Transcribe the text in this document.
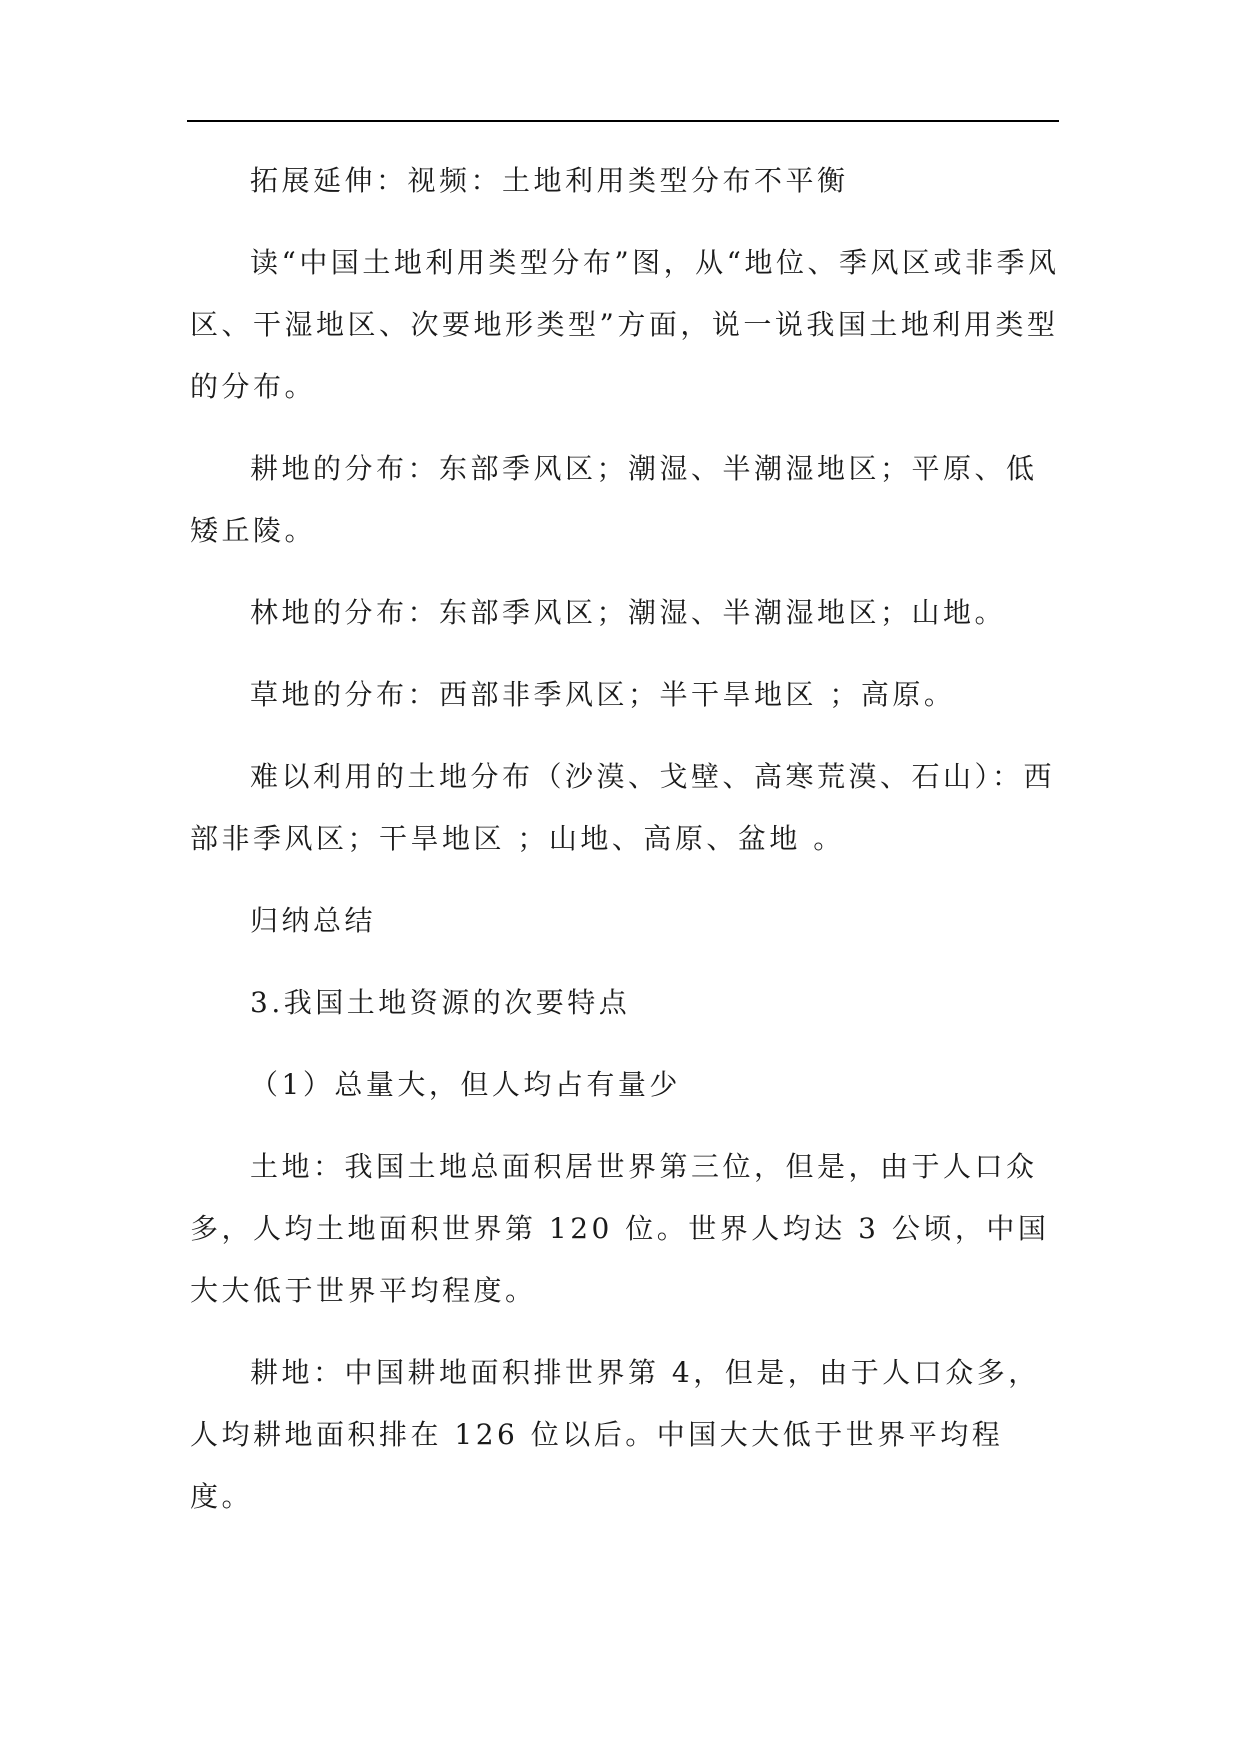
拓展延伸：视频：土地利用类型分布不平衡

读“中国土地利用类型分布”图，从“地位、季风区或非季风区、干湿地区、次要地形类型”方面，说一说我国土地利用类型的分布。

耕地的分布：东部季风区；潮湿、半潮湿地区；平原、低矮丘陵。

林地的分布：东部季风区；潮湿、半潮湿地区；山地。

草地的分布：西部非季风区；半干旱地区 ；高原。

难以利用的土地分布（沙漠、戈壁、高寒荒漠、石山）：西部非季风区；干旱地区 ；山地、高原、盆地 。

归纳总结

3.我国土地资源的次要特点

（1）总量大，但人均占有量少

土地：我国土地总面积居世界第三位，但是，由于人口众多，人均土地面积世界第 120 位。世界人均达 3 公顷，中国大大低于世界平均程度。

耕地：中国耕地面积排世界第 4，但是，由于人口众多，人均耕地面积排在 126 位以后。中国大大低于世界平均程度。
